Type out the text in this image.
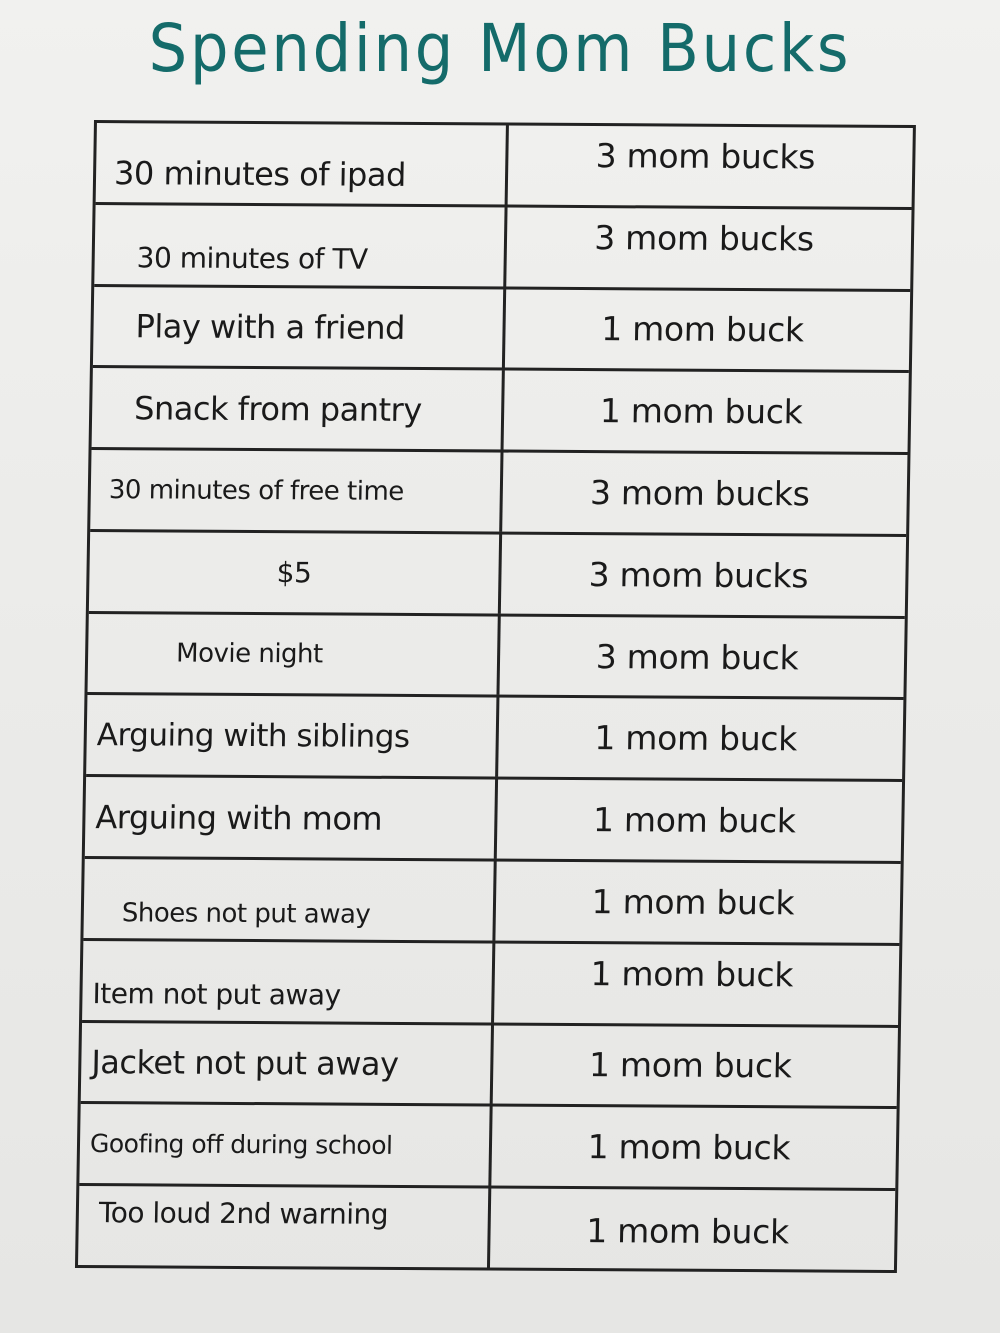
Spending Mom Bucks
30 minutes of ipad	3 mom bucks
30 minutes of TV	3 mom bucks
Play with a friend	1 mom buck
Snack from pantry	1 mom buck
30 minutes of free time	3 mom bucks
$5	3 mom bucks
Movie night	3 mom buck
Arguing with siblings	1 mom buck
Arguing with mom	1 mom buck
Shoes not put away	1 mom buck
Item not put away	1 mom buck
Jacket not put away	1 mom buck
Goofing off during school	1 mom buck
Too loud 2nd warning	1 mom buck
